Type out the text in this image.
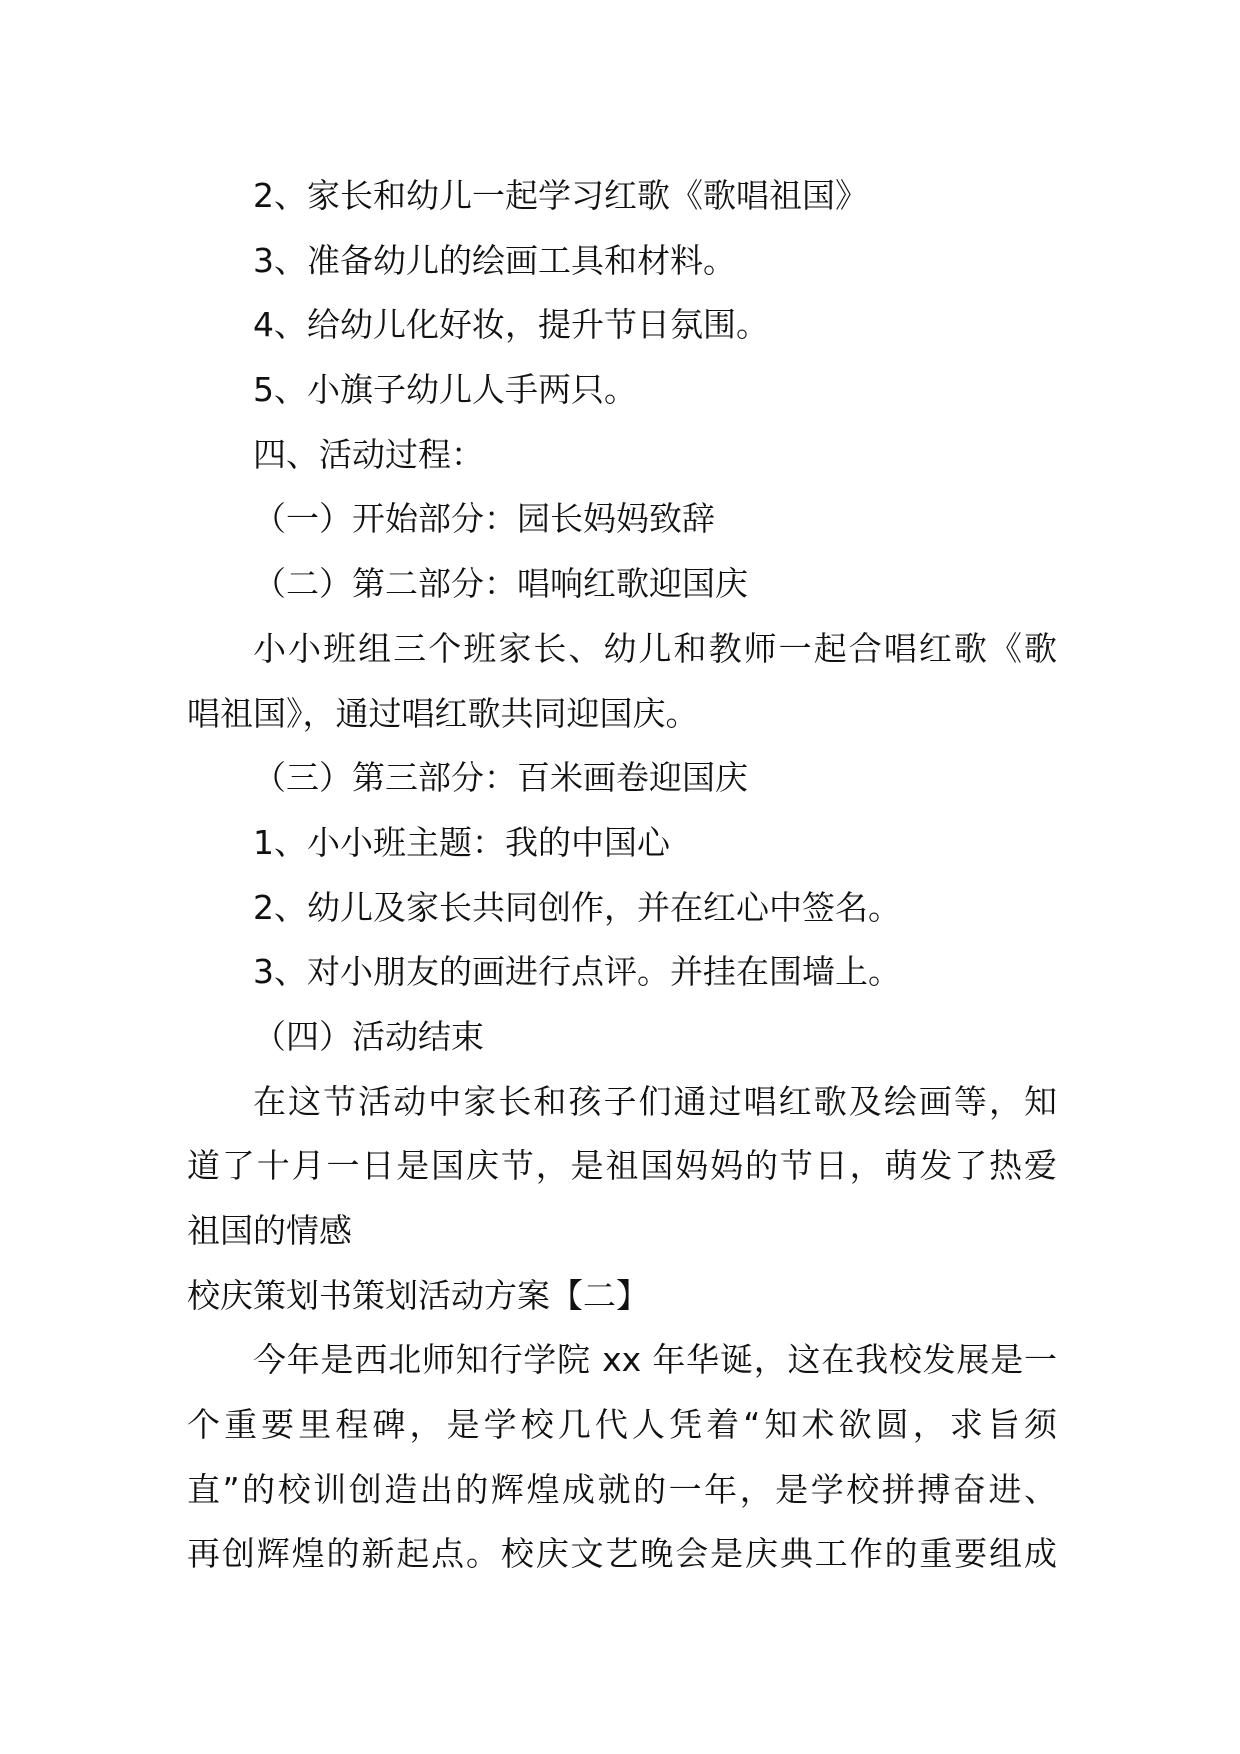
2、家长和幼儿一起学习红歌《歌唱祖国》
3、准备幼儿的绘画工具和材料。
4、给幼儿化好妆，提升节日氛围。
5、小旗子幼儿人手两只。
四、活动过程：
（一）开始部分：园长妈妈致辞
（二）第二部分：唱响红歌迎国庆
小小班组三个班家长、幼儿和教师一起合唱红歌《歌
唱祖国》，通过唱红歌共同迎国庆。
（三）第三部分：百米画卷迎国庆
1、小小班主题：我的中国心
2、幼儿及家长共同创作，并在红心中签名。
3、对小朋友的画进行点评。并挂在围墙上。
（四）活动结束
在这节活动中家长和孩子们通过唱红歌及绘画等，知
道了十月一日是国庆节，是祖国妈妈的节日，萌发了热爱
祖国的情感
校庆策划书策划活动方案【二】
今年是西北师知行学院 xx 年华诞，这在我校发展是一
个重要里程碑，是学校几代人凭着“知术欲圆，求旨须
直”的校训创造出的辉煌成就的一年，是学校拼搏奋进、
再创辉煌的新起点。校庆文艺晚会是庆典工作的重要组成
